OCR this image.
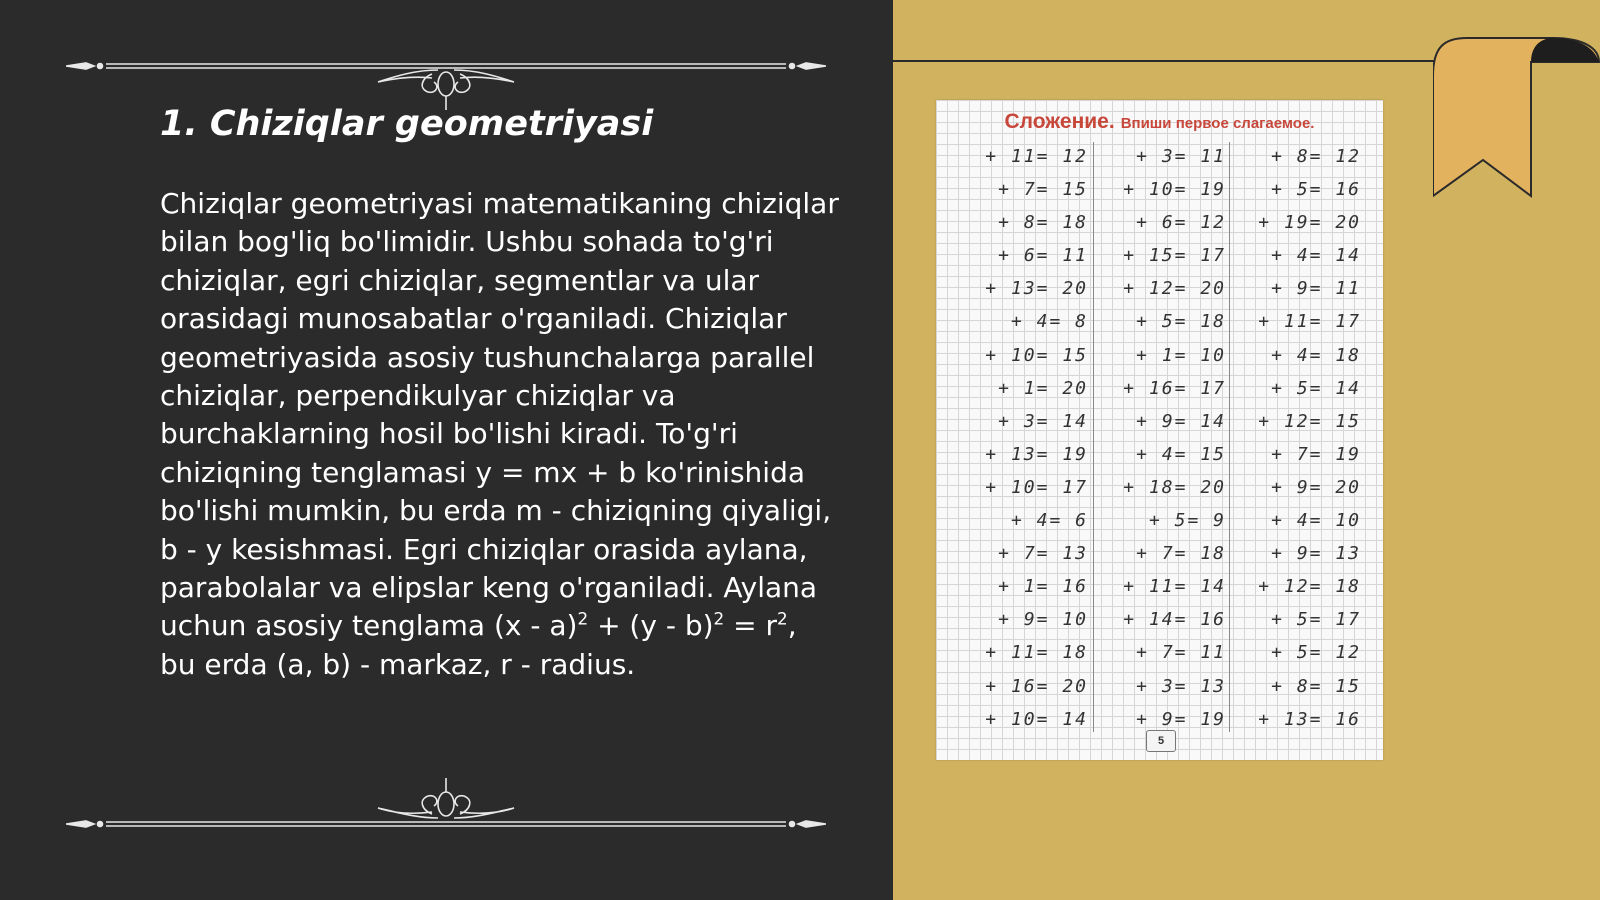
1. Chiziqlar geometriyasi

Chiziqlar geometriyasi matematikaning chiziqlar bilan bog'liq bo'limidir. Ushbu sohada to'g'ri chiziqlar, egri chiziqlar, segmentlar va ular orasidagi munosabatlar o'rganiladi. Chiziqlar geometriyasida asosiy tushunchalarga parallel chiziqlar, perpendikulyar chiziqlar va burchaklarning hosil bo'lishi kiradi. To'g'ri chiziqning tenglamasi y = mx + b ko'rinishida bo'lishi mumkin, bu erda m - chiziqning qiyaligi, b - y kesishmasi. Egri chiziqlar orasida aylana, parabolalar va elipslar keng o'rganiladi. Aylana uchun asosiy tenglama $(x - a)^2 + (y - b)^2 = r^2$, bu erda (a, b) - markaz, r - radius.

Сложение. Впиши первое слагаемое.
+ 11= 12
+ 7= 15
+ 8= 18
+ 6= 11
+ 13= 20
+ 4= 8
+ 10= 15
+ 1= 20
+ 3= 14
+ 13= 19
+ 10= 17
+ 4= 6
+ 7= 13
+ 1= 16
+ 9= 10
+ 11= 18
+ 16= 20
+ 10= 14
+ 3= 11
+ 10= 19
+ 6= 12
+ 15= 17
+ 12= 20
+ 5= 18
+ 1= 10
+ 16= 17
+ 9= 14
+ 4= 15
+ 18= 20
+ 5= 9
+ 7= 18
+ 11= 14
+ 14= 16
+ 7= 11
+ 3= 13
+ 9= 19
+ 8= 12
+ 5= 16
+ 19= 20
+ 4= 14
+ 9= 11
+ 11= 17
+ 4= 18
+ 5= 14
+ 12= 15
+ 7= 19
+ 9= 20
+ 4= 10
+ 9= 13
+ 12= 18
+ 5= 17
+ 5= 12
+ 8= 15
+ 13= 16
5
